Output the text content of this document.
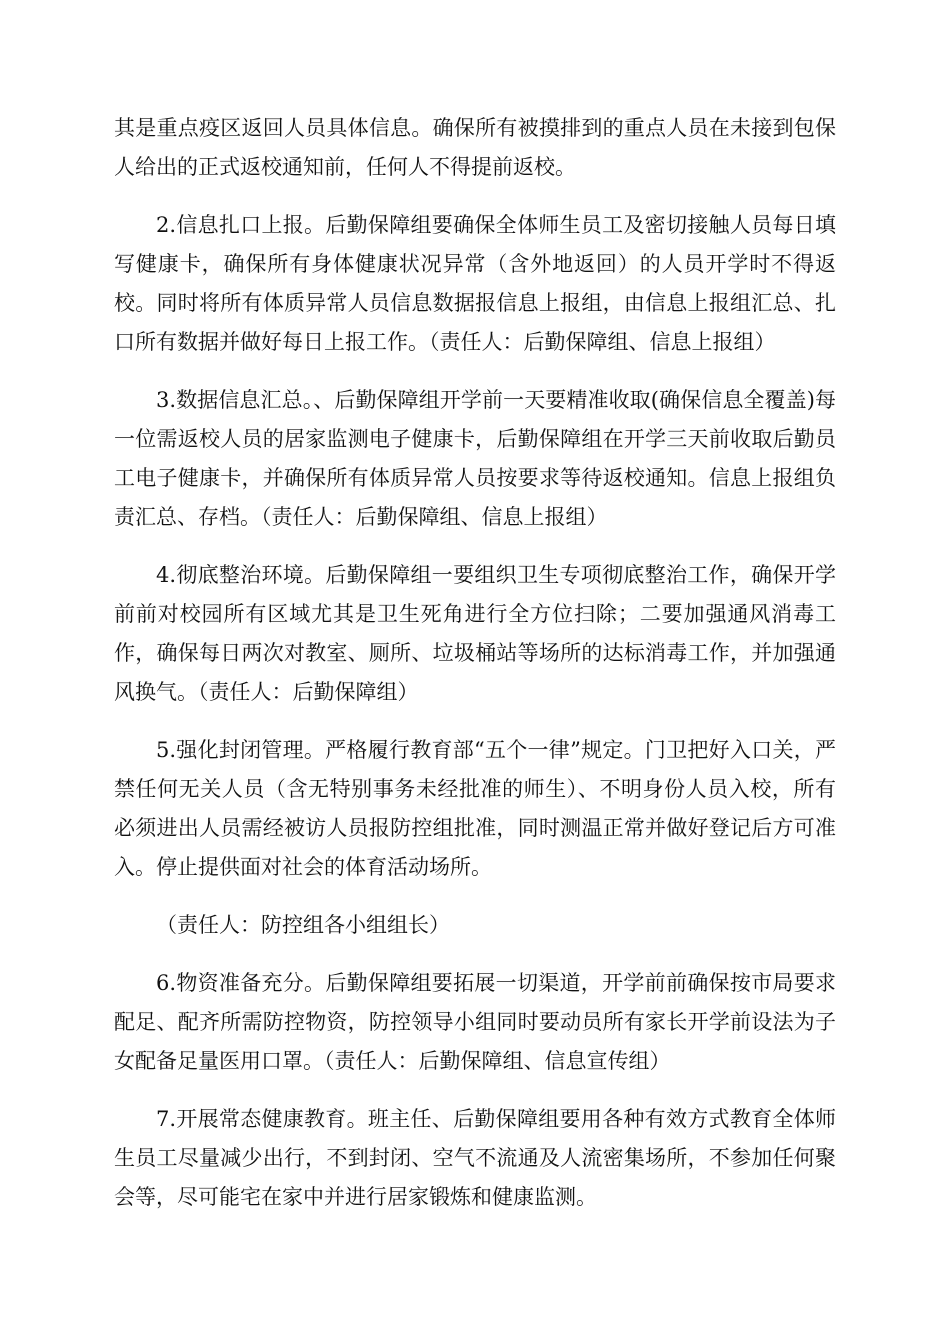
其是重点疫区返回人员具体信息。确保所有被摸排到的重点人员在未接到包保人给出的正式返校通知前，任何人不得提前返校。

2.信息扎口上报。后勤保障组要确保全体师生员工及密切接触人员每日填写健康卡，确保所有身体健康状况异常（含外地返回）的人员开学时不得返校。同时将所有体质异常人员信息数据报信息上报组，由信息上报组汇总、扎口所有数据并做好每日上报工作。（责任人：后勤保障组、信息上报组）

3.数据信息汇总。、后勤保障组开学前一天要精准收取(确保信息全覆盖)每一位需返校人员的居家监测电子健康卡，后勤保障组在开学三天前收取后勤员工电子健康卡，并确保所有体质异常人员按要求等待返校通知。信息上报组负责汇总、存档。（责任人：后勤保障组、信息上报组）

4.彻底整治环境。后勤保障组一要组织卫生专项彻底整治工作，确保开学前前对校园所有区域尤其是卫生死角进行全方位扫除；二要加强通风消毒工作，确保每日两次对教室、厕所、垃圾桶站等场所的达标消毒工作，并加强通风换气。（责任人：后勤保障组）

5.强化封闭管理。严格履行教育部“五个一律”规定。门卫把好入口关，严禁任何无关人员（含无特别事务未经批准的师生）、不明身份人员入校，所有必须进出人员需经被访人员报防控组批准，同时测温正常并做好登记后方可准入。停止提供面对社会的体育活动场所。

（责任人：防控组各小组组长）

6.物资准备充分。后勤保障组要拓展一切渠道，开学前前确保按市局要求配足、配齐所需防控物资，防控领导小组同时要动员所有家长开学前设法为子女配备足量医用口罩。（责任人：后勤保障组、信息宣传组）

7.开展常态健康教育。班主任、后勤保障组要用各种有效方式教育全体师生员工尽量减少出行，不到封闭、空气不流通及人流密集场所，不参加任何聚会等，尽可能宅在家中并进行居家锻炼和健康监测。
